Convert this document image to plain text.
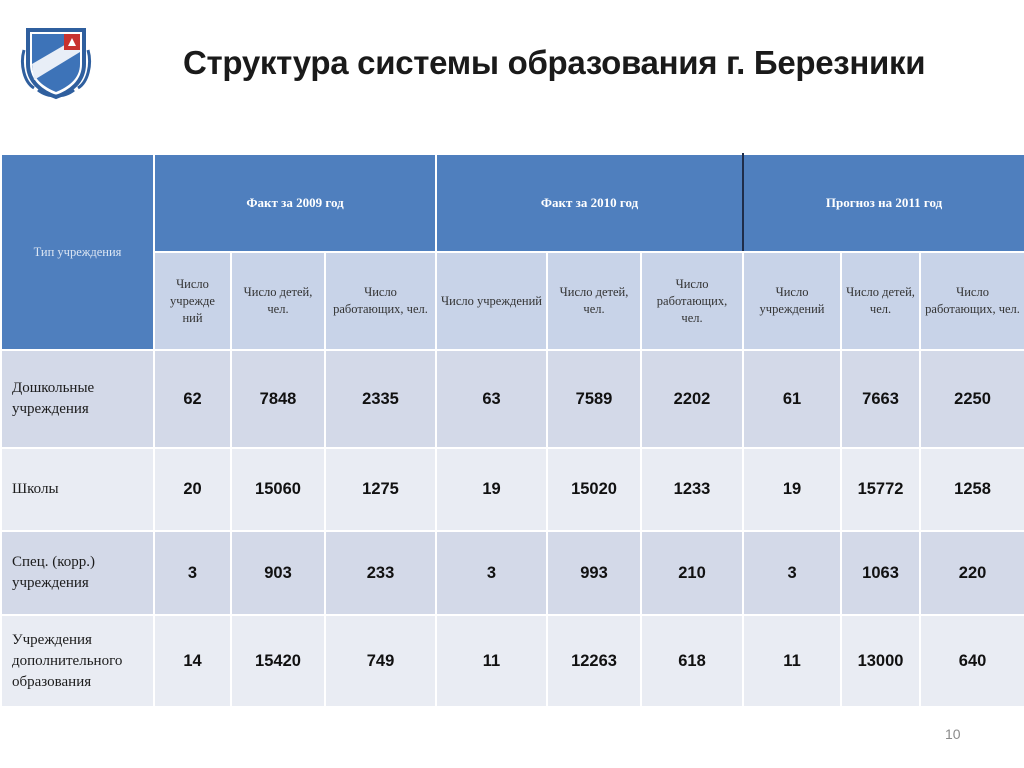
Структура системы образования г. Березники
Тип учреждения	Факт за 2009 год			Факт за 2010 год			Прогноз на 2011 год		
	Число учрежде ний	Число детей, чел.	Число работающих, чел.	Число учреждений	Число детей, чел.	Число работающих, чел.	Число учреждений	Число детей, чел.	Число работающих, чел.
Дошкольные учреждения	62	7848	2335	63	7589	2202	61	7663	2250
Школы	20	15060	1275	19	15020	1233	19	15772	1258
Спец. (корр.) учреждения	3	903	233	3	993	210	3	1063	220
Учреждения дополнительного образования	14	15420	749	11	12263	618	11	13000	640
10
